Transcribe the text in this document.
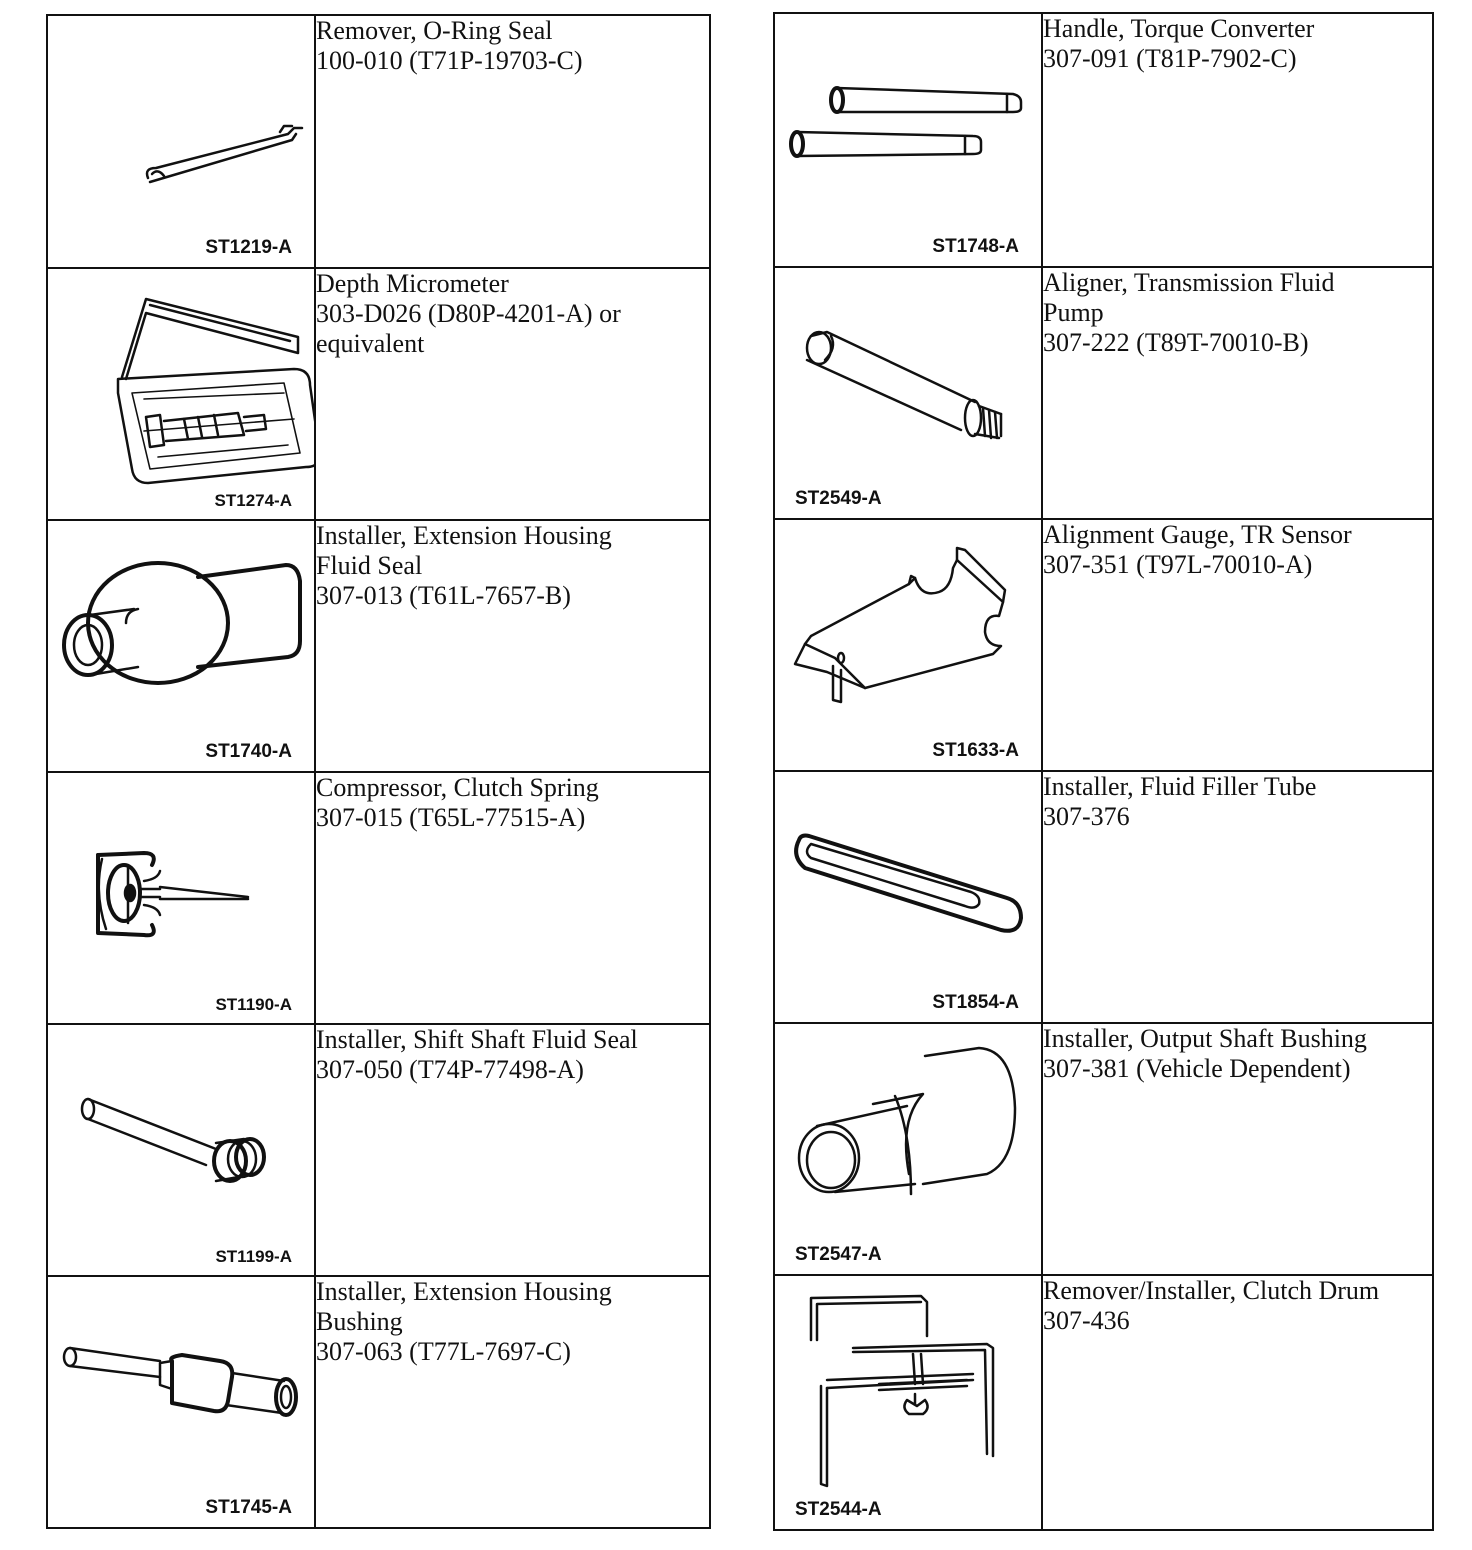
ST1219-A	Remover, O-Ring Seal
100-010 (T71P-19703-C)

ST1274-A	Depth Micrometer
303-D026 (D80P-4201-A) or
equivalent

ST1740-A	Installer, Extension Housing
Fluid Seal
307-013 (T61L-7657-B)

ST1190-A	Compressor, Clutch Spring
307-015 (T65L-77515-A)

ST1199-A	Installer, Shift Shaft Fluid Seal
307-050 (T74P-77498-A)

ST1745-A	Installer, Extension Housing
Bushing
307-063 (T77L-7697-C)
ST1748-A	Handle, Torque Converter
307-091 (T81P-7902-C)

ST2549-A	Aligner, Transmission Fluid
Pump
307-222 (T89T-70010-B)

ST1633-A	Alignment Gauge, TR Sensor
307-351 (T97L-70010-A)

ST1854-A	Installer, Fluid Filler Tube
307-376

ST2547-A	Installer, Output Shaft Bushing
307-381 (Vehicle Dependent)

ST2544-A	Remover/Installer, Clutch Drum
307-436
